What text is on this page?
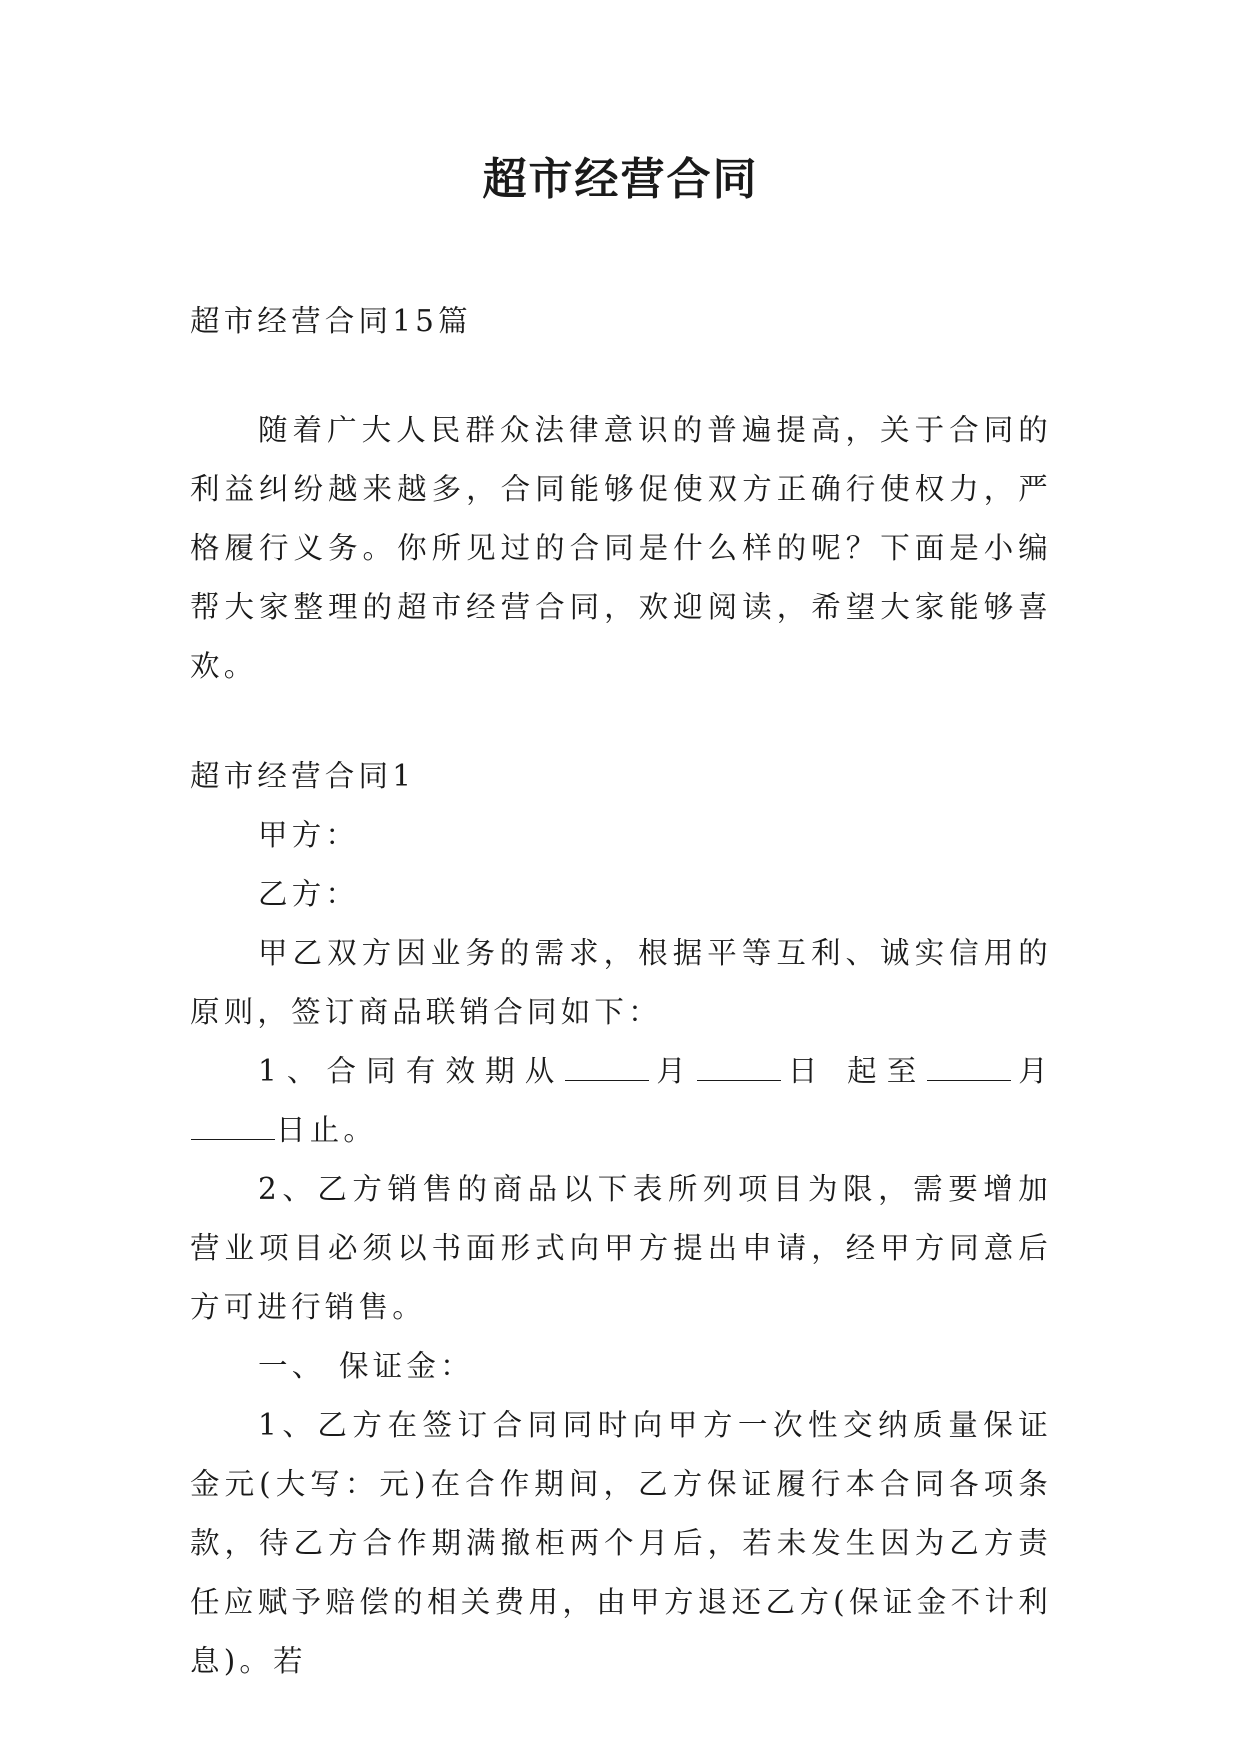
超市经营合同

超市经营合同15篇

随着广大人民群众法律意识的普遍提高，关于合同的利益纠纷越来越多，合同能够促使双方正确行使权力，严格履行义务。你所见过的合同是什么样的呢？下面是小编帮大家整理的超市经营合同，欢迎阅读，希望大家能够喜欢。

超市经营合同1

甲方：

乙方：

甲乙双方因业务的需求，根据平等互利、诚实信用的原则，签订商品联销合同如下：

1、合同有效期从	月	日 起至	月 日止。

2、乙方销售的商品以下表所列项目为限，需要增加营业项目必须以书面形式向甲方提出申请，经甲方同意后方可进行销售。

一、 保证金：

1、乙方在签订合同同时向甲方一次性交纳质量保证金元(大写：元)在合作期间，乙方保证履行本合同各项条款，待乙方合作期满撤柜两个月后，若未发生因为乙方责任应赋予赔偿的相关费用，由甲方退还乙方(保证金不计利息)。若
